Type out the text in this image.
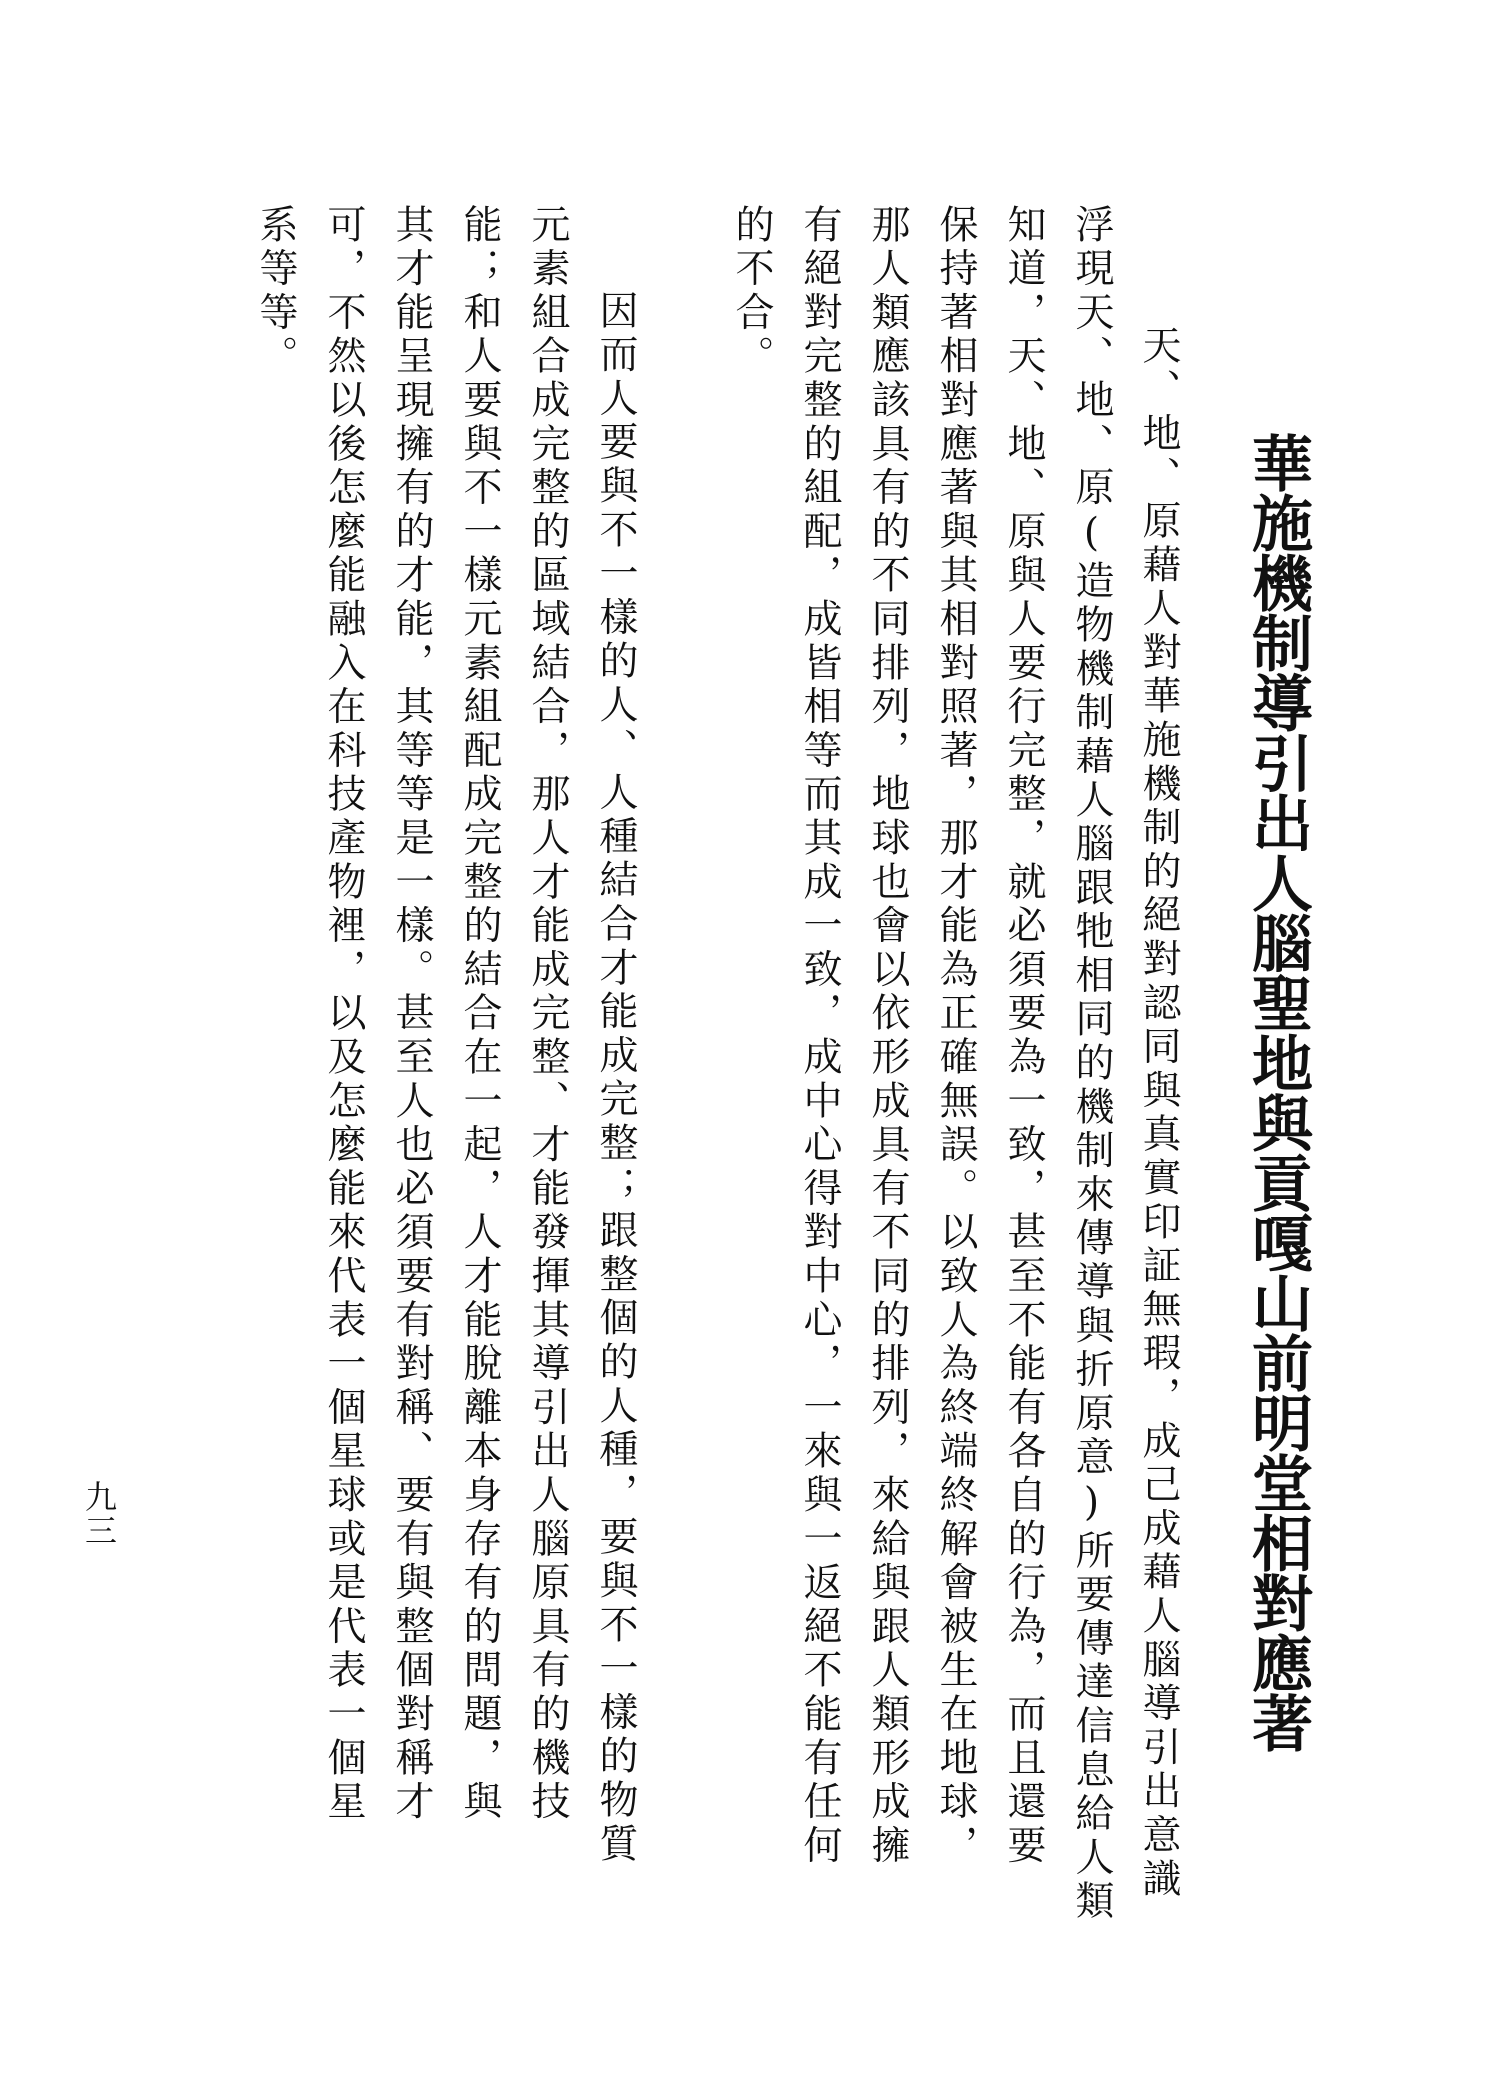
華施機制導引出人腦聖地與貢嘎山前明堂相對應著

天、地、原藉人對華施機制的絕對認同與真實印証無瑕，成己成藉人腦導引出意識

浮現天、地、原(造物機制藉人腦跟牠相同的機制來傳導與折原意)所要傳達信息給人類

知道，天、地、原與人要行完整，就必須要為一致，甚至不能有各自的行為，而且還要

保持著相對應著與其相對照著，那才能為正確無誤。以致人為終端終解會被生在地球，

那人類應該具有的不同排列，地球也會以依形成具有不同的排列，來給與跟人類形成擁

有絕對完整的組配，成皆相等而其成一致，成中心得對中心，一來與一返絕不能有任何

的不合。

因而人要與不一樣的人、人種結合才能成完整；跟整個的人種，要與不一樣的物質

元素組合成完整的區域結合，那人才能成完整、才能發揮其導引出人腦原具有的機技

能；和人要與不一樣元素組配成完整的結合在一起，人才能脫離本身存有的問題，與

其才能呈現擁有的才能，其等等是一樣。甚至人也必須要有對稱、要有與整個對稱才

可，不然以後怎麼能融入在科技產物裡，以及怎麼能來代表一個星球或是代表一個星

系等等。

九三
